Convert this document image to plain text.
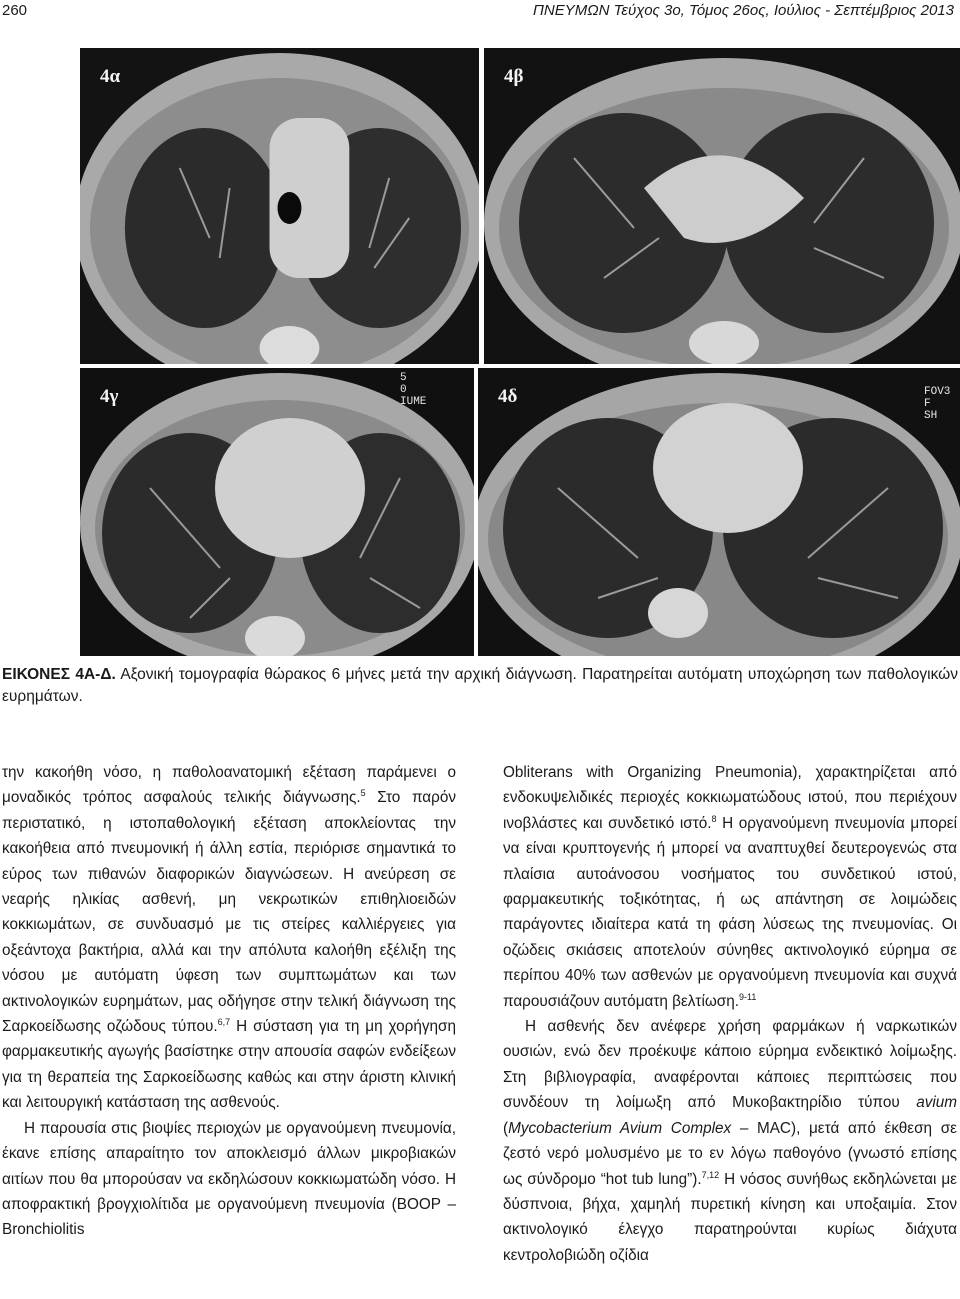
260	ΠΝΕΥΜΩΝ Τεύχος 3ο, Τόμος 26ος, Ιούλιος - Σεπτέμβριος 2013
4α	4β
4γ
5
0
IUME	4δ	FOV3
F
SH
ΕΙΚΟΝΕΣ 4Α-Δ. Αξονική τομογραφία θώρακος 6 μήνες μετά την αρχική διάγνωση. Παρατηρείται αυτόματη υποχώρηση των παθολογικών ευρημάτων.

την κακοήθη νόσο, η παθολοανατομική εξέταση παράμενει ο μοναδικός τρόπος ασφαλούς τελικής διάγνωσης.$^5$ Στο παρόν περιστατικό, η ιστοπαθολογική εξέταση αποκλείοντας την κακοήθεια από πνευμονική ή άλλη εστία, περιόρισε σημαντικά το εύρος των πιθανών διαφορικών διαγνώσεων. Η ανεύρεση σε νεαρής ηλικίας ασθενή, μη νεκρωτικών επιθηλιοειδών κοκκιωμάτων, σε συνδυασμό με τις στείρες καλλιέργειες για οξεάντοχα βακτήρια, αλλά και την απόλυτα καλοήθη εξέλιξη της νόσου με αυτόματη ύφεση των συμπτωμάτων και των ακτινολογικών ευρημάτων, μας οδήγησε στην τελική διάγνωση της Σαρκοείδωσης οζώδους τύπου.$^{6,7}$ Η σύσταση για τη μη χορήγηση φαρμακευτικής αγωγής βασίστηκε στην απουσία σαφών ενδείξεων για τη θεραπεία της Σαρκοείδωσης καθώς και στην άριστη κλινική και λειτουργική κατάσταση της ασθενούς.

Η παρουσία στις βιοψίες περιοχών με οργανούμενη πνευμονία, έκανε επίσης απαραίτητο τον αποκλεισμό άλλων μικροβιακών αιτίων που θα μπορούσαν να εκδηλώσουν κοκκιωματώδη νόσο. Η αποφρακτική βρογχιολίτιδα με οργανούμενη πνευμονία (BOOP – Bronchiolitis

Obliterans with Organizing Pneumonia), χαρακτηρίζεται από ενδοκυψελιδικές περιοχές κοκκιωματώδους ιστού, που περιέχουν ινοβλάστες και συνδετικό ιστό.$^8$ Η οργανούμενη πνευμονία μπορεί να είναι κρυπτογενής ή μπορεί να αναπτυχθεί δευτερογενώς στα πλαίσια αυτοάνοσου νοσήματος του συνδετικού ιστού, φαρμακευτικής τοξικότητας, ή ως απάντηση σε λοιμώδεις παράγοντες ιδιαίτερα κατά τη φάση λύσεως της πνευμονίας. Οι οζώδεις σκιάσεις αποτελούν σύνηθες ακτινολογικό εύρημα σε περίπου 40% των ασθενών με οργανούμενη πνευμονία και συχνά παρουσιάζουν αυτόματη βελτίωση.$^{9-11}$

Η ασθενής δεν ανέφερε χρήση φαρμάκων ή ναρκωτικών ουσιών, ενώ δεν προέκυψε κάποιο εύρημα ενδεικτικό λοίμωξης. Στη βιβλιογραφία, αναφέρονται κάποιες περιπτώσεις που συνδέουν τη λοίμωξη από Μυκοβακτηρίδιο τύπου avium (Mycobacterium Avium Complex – MAC), μετά από έκθεση σε ζεστό νερό μολυσμένο με το εν λόγω παθογόνο (γνωστό επίσης ως σύνδρομο “hot tub lung”).$^{7,12}$ Η νόσος συνήθως εκδηλώνεται με δύσπνοια, βήχα, χαμηλή πυρετική κίνηση και υποξαιμία. Στον ακτινολογικό έλεγχο παρατηρούνται κυρίως διάχυτα κεντρολοβιώδη οζίδια
